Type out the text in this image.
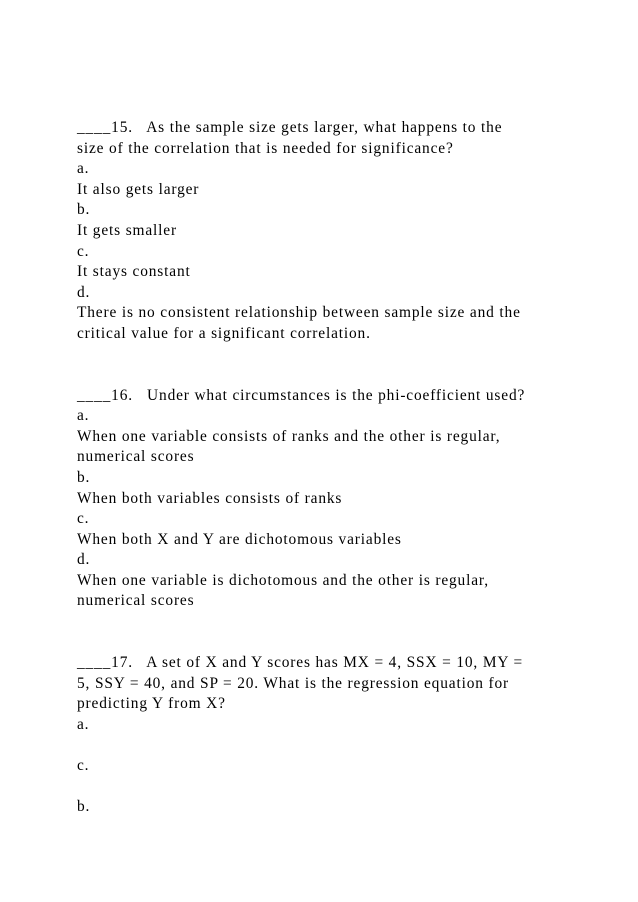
____15.   As the sample size gets larger, what happens to the
size of the correlation that is needed for significance?
a.
It also gets larger
b.
It gets smaller
c.
It stays constant
d.
There is no consistent relationship between sample size and the
critical value for a significant correlation.
____16.   Under what circumstances is the phi-coefficient used?
a.
When one variable consists of ranks and the other is regular,
numerical scores
b.
When both variables consists of ranks
c.
When both X and Y are dichotomous variables
d.
When one variable is dichotomous and the other is regular,
numerical scores
____17.   A set of X and Y scores has MX = 4, SSX = 10, MY =
5, SSY = 40, and SP = 20. What is the regression equation for
predicting Y from X?
a.
c.
b.
